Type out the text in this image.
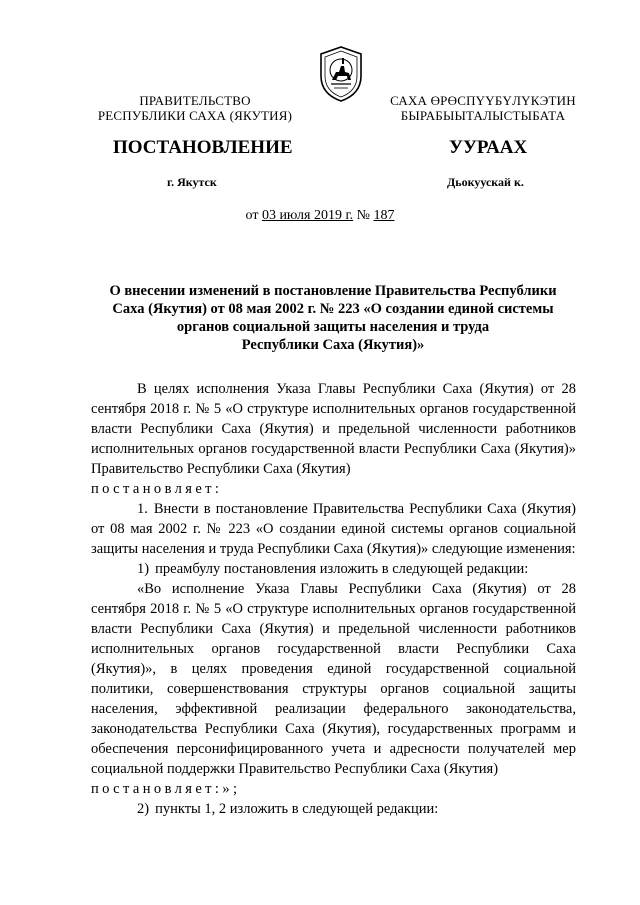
ПРАВИТЕЛЬСТВО
РЕСПУБЛИКИ САХА (ЯКУТИЯ)
САХА ӨРӨСПҮҮБҮЛҮКЭТИН
БЫРАБЫЫТАЛЫСТЫБАТА
ПОСТАНОВЛЕНИЕ	УУРААХ
г. Якутск	Дьокуускай к.
от 03 июля 2019 г. № 187
О внесении изменений в постановление Правительства Республики
Саха (Якутия) от 08 мая 2002 г. № 223 «О создании единой системы
органов социальной защиты населения и труда
Республики Саха (Якутия)»

В целях исполнения Указа Главы Республики Саха (Якутия) от 28 сентября 2018 г. № 5 «О структуре исполнительных органов государственной власти Республики Саха (Якутия) и предельной численности работников исполнительных органов государственной власти Республики Саха (Якутия)» Правительство Республики Саха (Якутия)

постановляет:

1. Внести в постановление Правительства Республики Саха (Якутия) от 08 мая 2002 г. № 223 «О создании единой системы органов социальной защиты населения и труда Республики Саха (Якутия)» следующие изменения:

1) преамбулу постановления изложить в следующей редакции:

«Во исполнение Указа Главы Республики Саха (Якутия) от 28 сентября 2018 г. № 5 «О структуре исполнительных органов государственной власти Республики Саха (Якутия) и предельной численности работников исполнительных органов государственной власти Республики Саха (Якутия)», в целях проведения единой государственной социальной политики, совершенствования структуры органов социальной защиты населения, эффективной реализации федерального законодательства, законодательства Республики Саха (Якутия), государственных программ и обеспечения персонифицированного учета и адресности получателей мер социальной поддержки Правительство Республики Саха (Якутия)

постановляет:»;

2) пункты 1, 2 изложить в следующей редакции:
